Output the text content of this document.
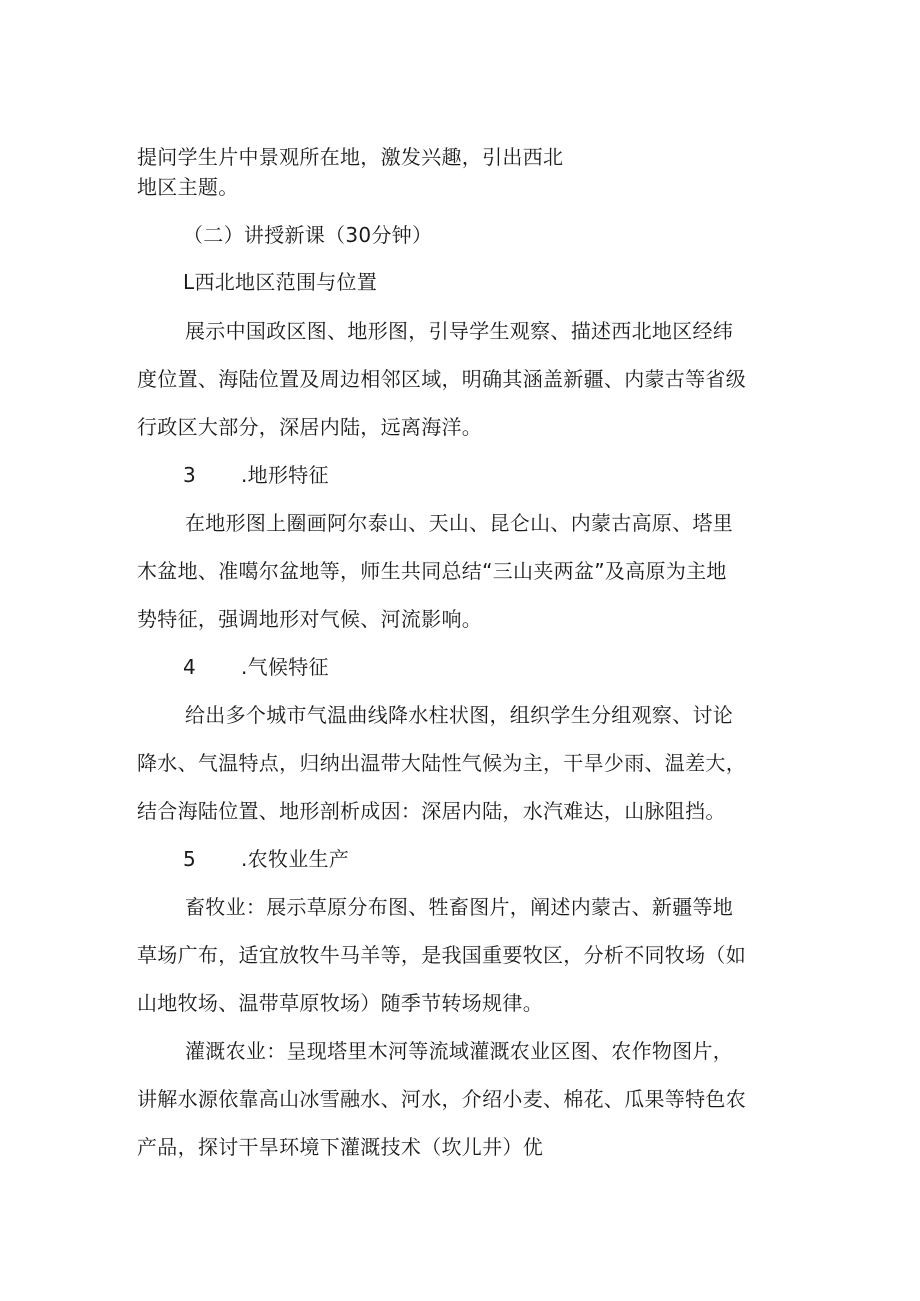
提问学生片中景观所在地，激发兴趣，引出西北
地区主题。
（二）讲授新课（30分钟）
L西北地区范围与位置
展示中国政区图、地形图，引导学生观察、描述西北地区经纬
度位置、海陆位置及周边相邻区域，明确其涵盖新疆、内蒙古等省级
行政区大部分，深居内陆，远离海洋。
3 .地形特征
在地形图上圈画阿尔泰山、天山、昆仑山、内蒙古高原、塔里
木盆地、准噶尔盆地等，师生共同总结“三山夹两盆”及高原为主地
势特征，强调地形对气候、河流影响。
4 .气候特征
给出多个城市气温曲线降水柱状图，组织学生分组观察、讨论
降水、气温特点，归纳出温带大陆性气候为主，干旱少雨、温差大，
结合海陆位置、地形剖析成因：深居内陆，水汽难达，山脉阻挡。
5 .农牧业生产
畜牧业：展示草原分布图、牲畜图片，阐述内蒙古、新疆等地
草场广布，适宜放牧牛马羊等，是我国重要牧区，分析不同牧场（如
山地牧场、温带草原牧场）随季节转场规律。
灌溉农业：呈现塔里木河等流域灌溉农业区图、农作物图片，
讲解水源依靠高山冰雪融水、河水，介绍小麦、棉花、瓜果等特色农
产品，探讨干旱环境下灌溉技术（坎儿井）优
